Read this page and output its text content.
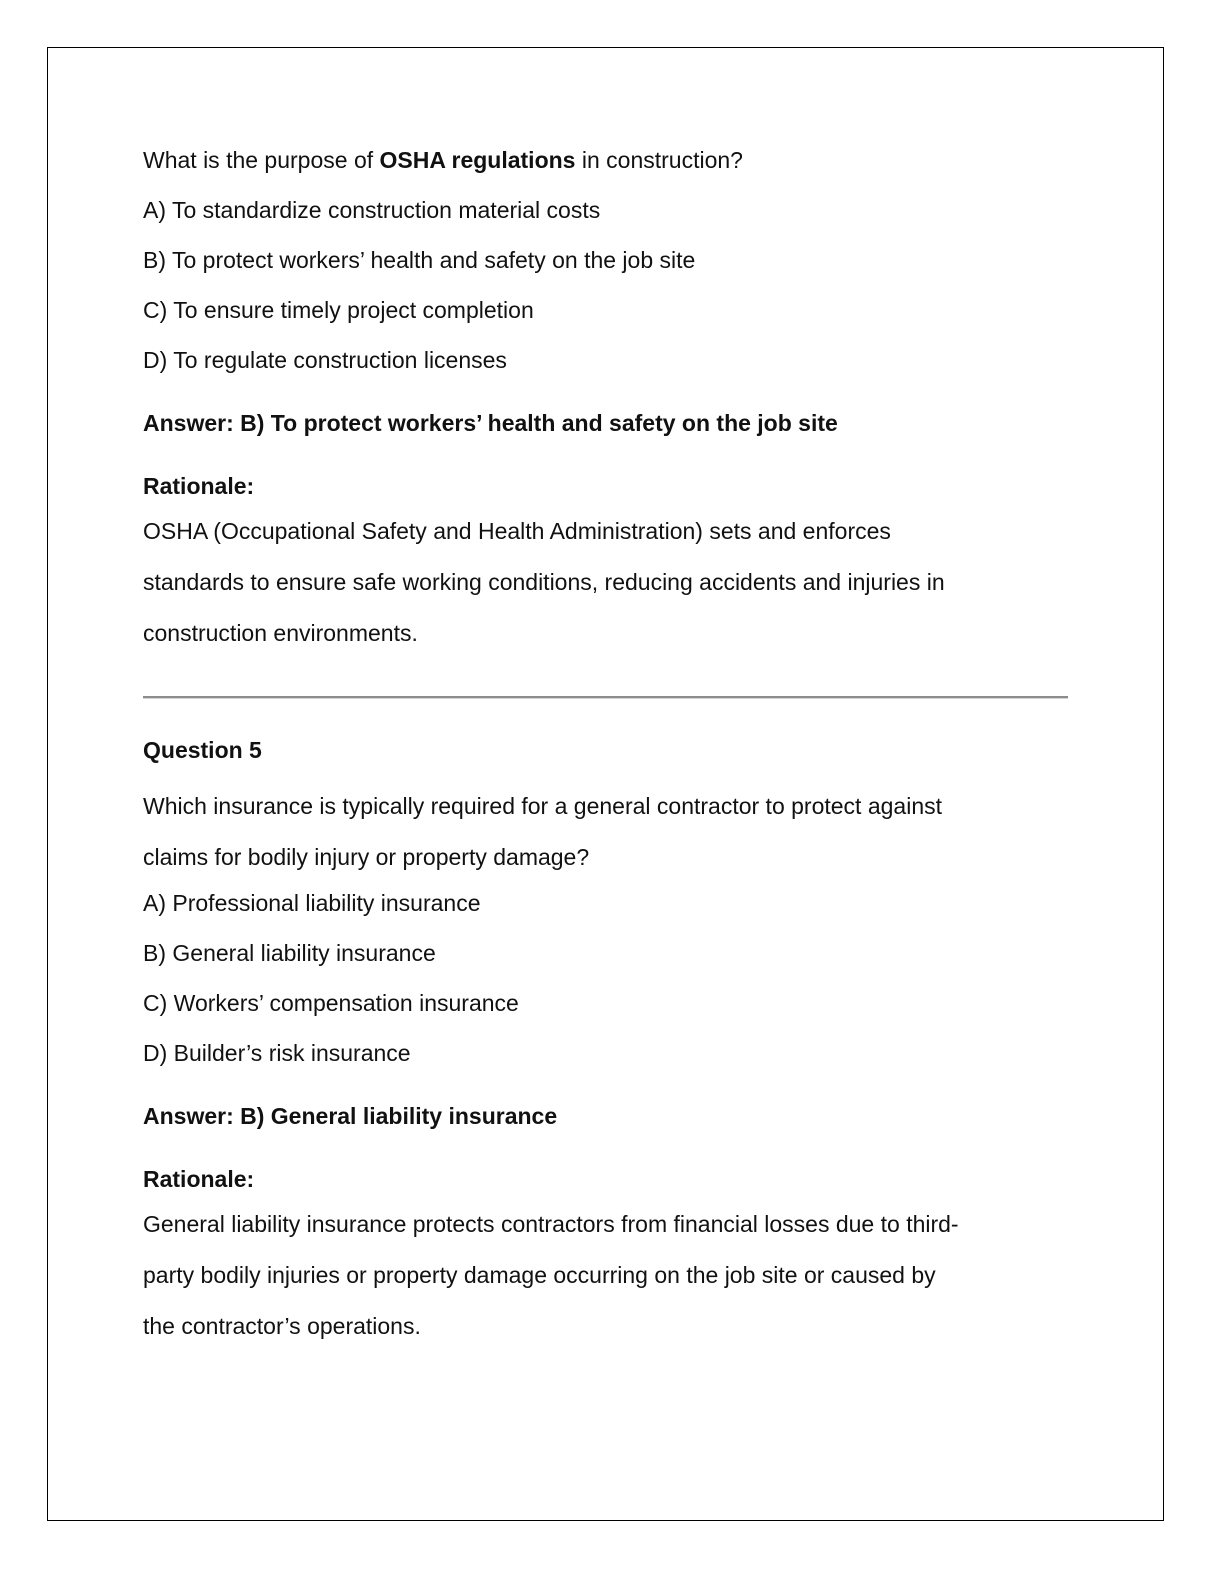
What is the purpose of OSHA regulations in construction?

A) To standardize construction material costs

B) To protect workers’ health and safety on the job site

C) To ensure timely project completion

D) To regulate construction licenses

Answer: B) To protect workers’ health and safety on the job site

Rationale:

OSHA (Occupational Safety and Health Administration) sets and enforces
standards to ensure safe working conditions, reducing accidents and injuries in
construction environments.

Question 5

Which insurance is typically required for a general contractor to protect against
claims for bodily injury or property damage?

A) Professional liability insurance

B) General liability insurance

C) Workers’ compensation insurance

D) Builder’s risk insurance

Answer: B) General liability insurance

Rationale:

General liability insurance protects contractors from financial losses due to third-
party bodily injuries or property damage occurring on the job site or caused by
the contractor’s operations.
